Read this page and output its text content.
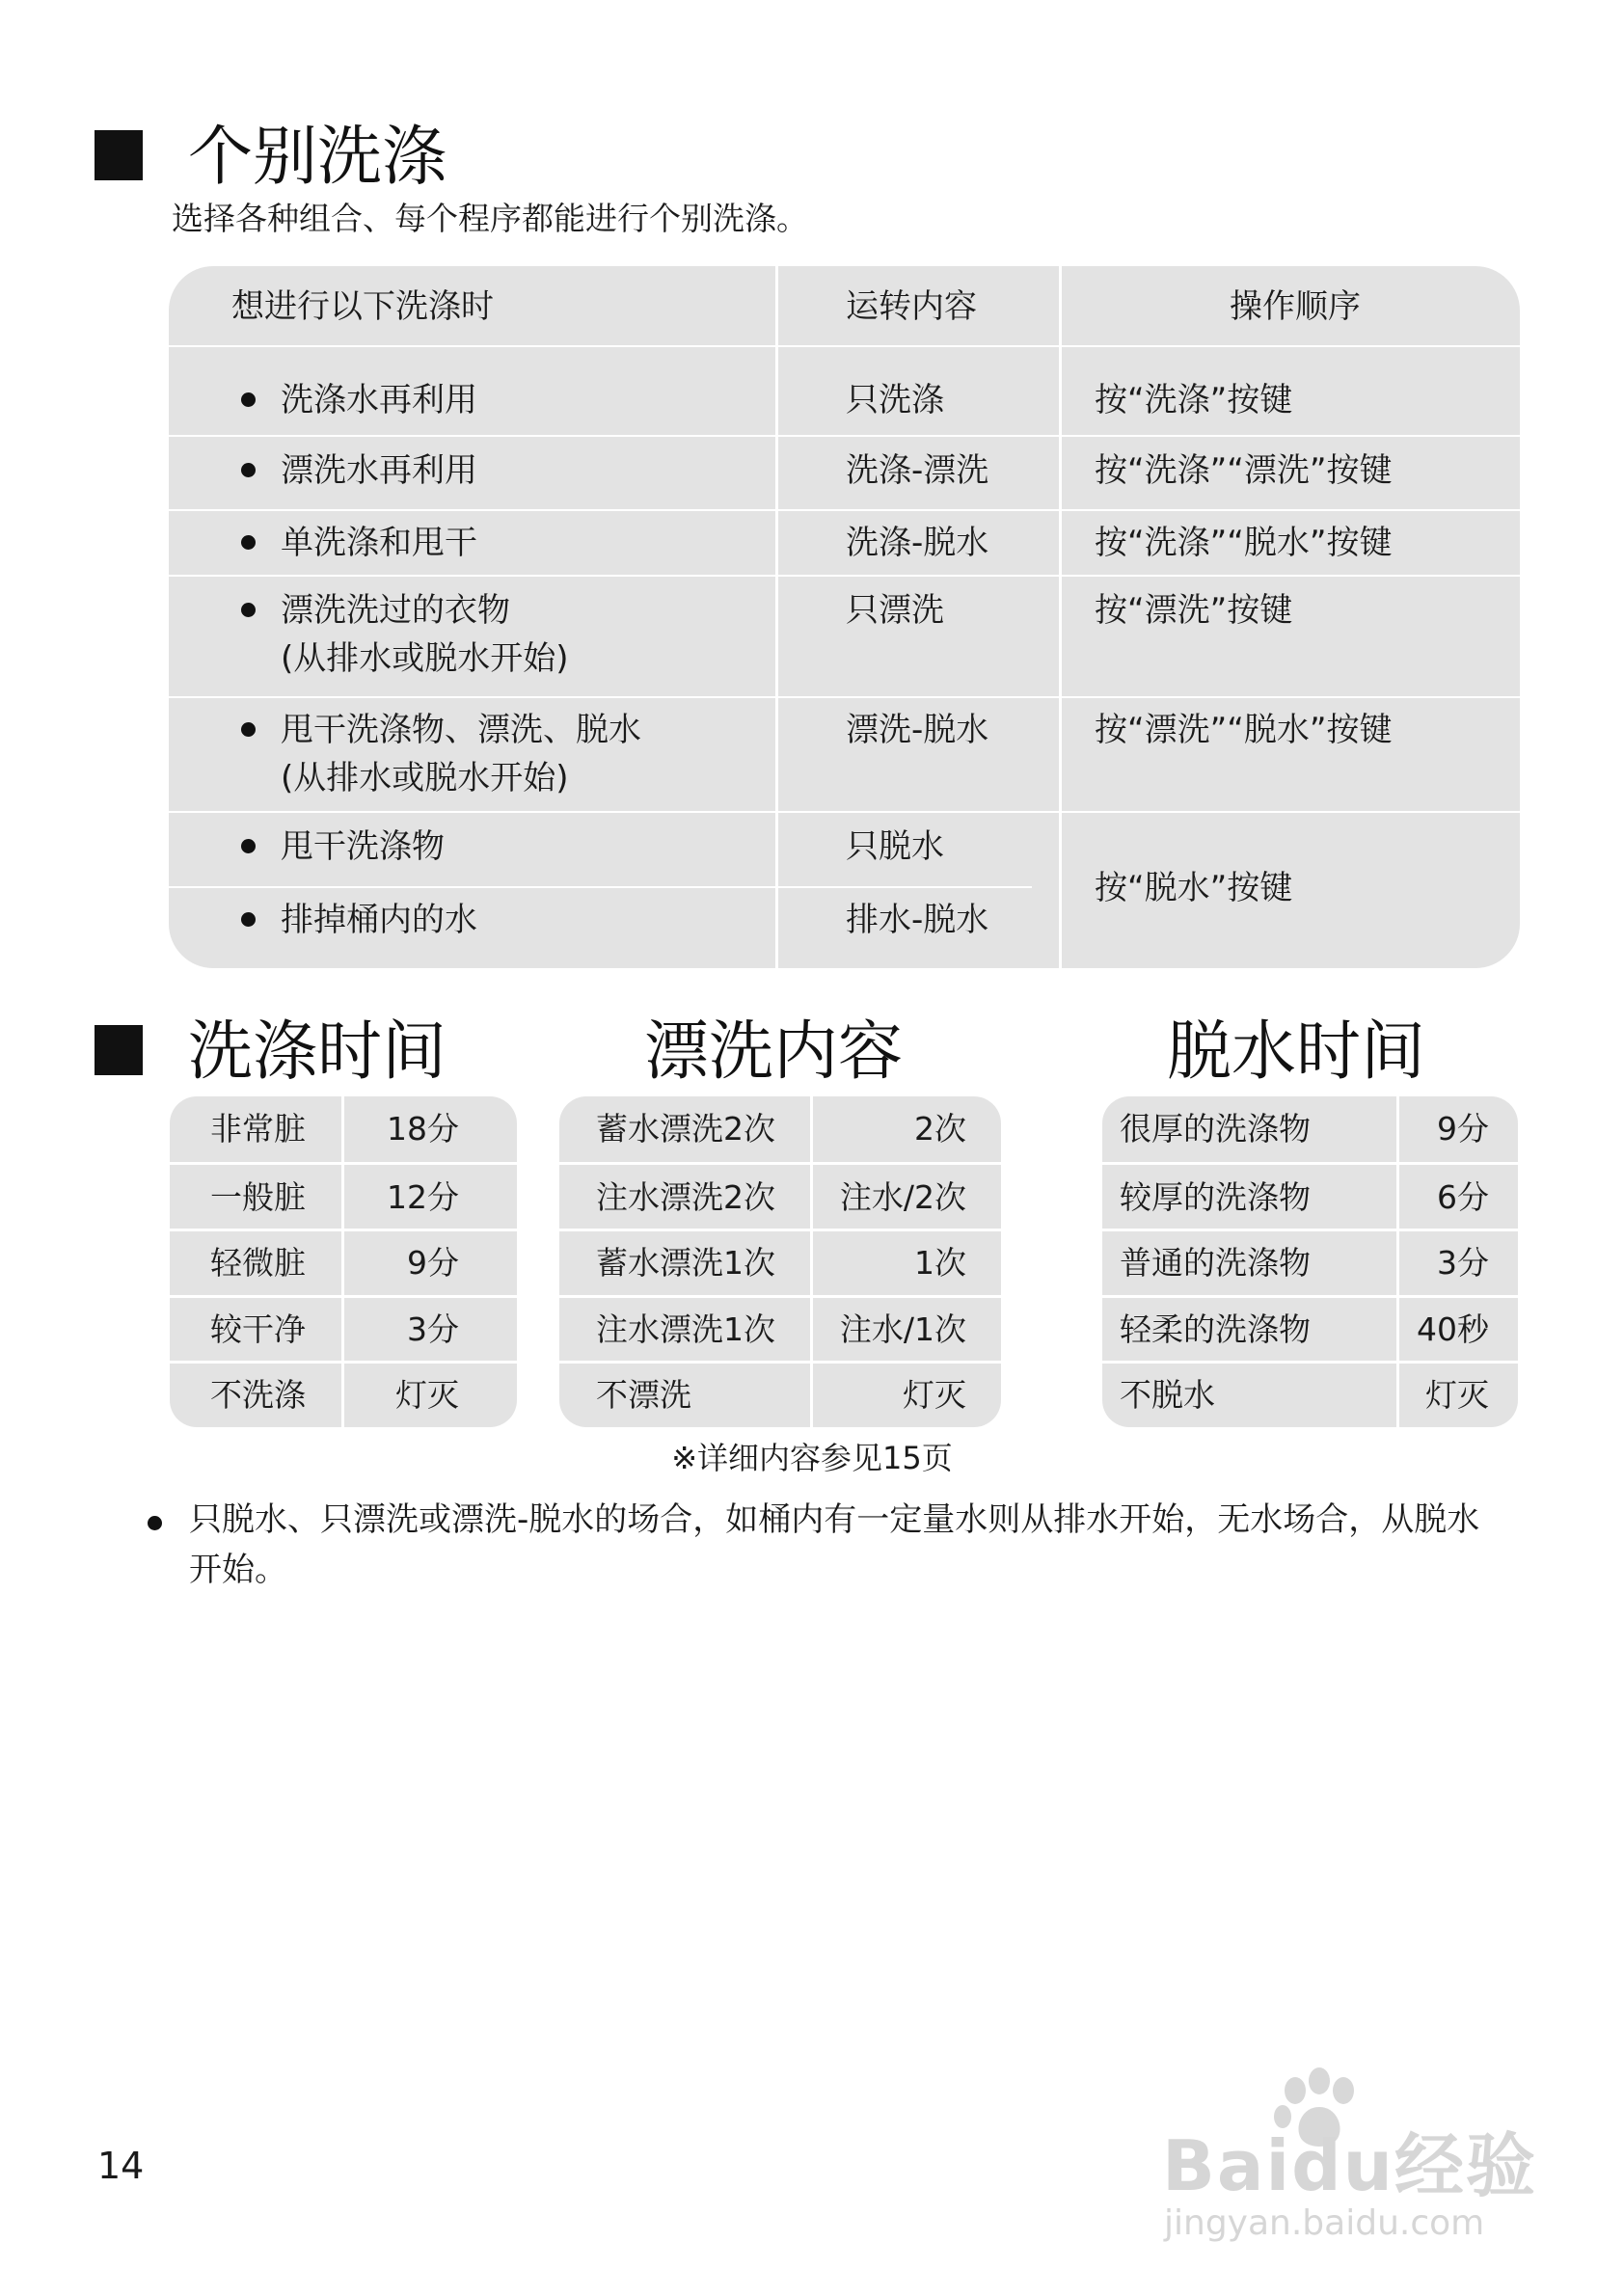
个别洗涤
选择各种组合、每个程序都能进行个别洗涤。
想进行以下洗涤时	运转内容	操作顺序
洗涤水再利用	只洗涤	按“洗涤”按键
漂洗水再利用	洗涤-漂洗	按“洗涤”“漂洗”按键
单洗涤和甩干	洗涤-脱水	按“洗涤”“脱水”按键
漂洗洗过的衣物
(从排水或脱水开始)
只漂洗	按“漂洗”按键
甩干洗涤物、漂洗、脱水
(从排水或脱水开始)
漂洗-脱水	按“漂洗”“脱水”按键
甩干洗涤物	只脱水
排掉桶内的水	排水-脱水
按“脱水”按键
洗涤时间	漂洗内容	脱水时间
非常脏	18分
一般脏	12分
轻微脏	9分
较干净	3分
不洗涤	灯灭
蓄水漂洗2次	2次
注水漂洗2次 注水/2次
蓄水漂洗1次	1次
注水漂洗1次 注水/1次
不漂洗	灯灭
很厚的洗涤物	9分
较厚的洗涤物	6分
普通的洗涤物	3分
轻柔的洗涤物	40秒
不脱水	灯灭
※详细内容参见15页
只脱水、只漂洗或漂洗-脱水的场合，如桶内有一定量水则从排水开始，无水场合，从脱水开始。
14	Baidu经验
jingyan.baidu.com
